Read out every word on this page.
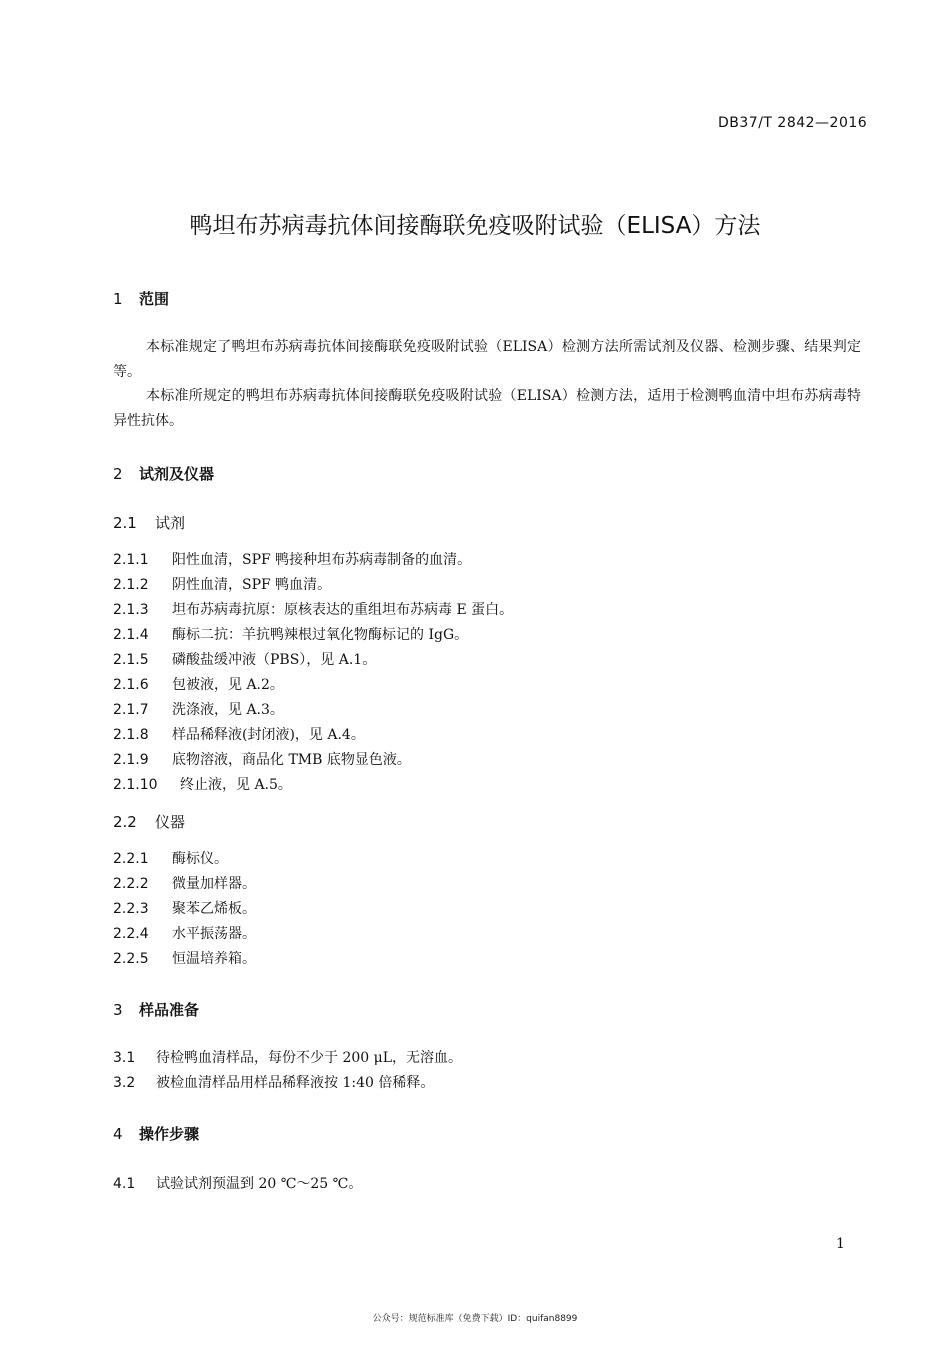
DB37/T 2842—2016
鸭坦布苏病毒抗体间接酶联免疫吸附试验（ELISA）方法
1 范围
本标准规定了鸭坦布苏病毒抗体间接酶联免疫吸附试验（ELISA）检测方法所需试剂及仪器、检测步骤、结果判定等。
本标准所规定的鸭坦布苏病毒抗体间接酶联免疫吸附试验（ELISA）检测方法，适用于检测鸭血清中坦布苏病毒特异性抗体。
2 试剂及仪器
2.1 试剂
2.1.1 阳性血清，SPF 鸭接种坦布苏病毒制备的血清。
2.1.2 阴性血清，SPF 鸭血清。
2.1.3 坦布苏病毒抗原：原核表达的重组坦布苏病毒 E 蛋白。
2.1.4 酶标二抗：羊抗鸭辣根过氧化物酶标记的 IgG。
2.1.5 磷酸盐缓冲液（PBS），见 A.1。
2.1.6 包被液，见 A.2。
2.1.7 洗涤液，见 A.3。
2.1.8 样品稀释液(封闭液)，见 A.4。
2.1.9 底物溶液，商品化 TMB 底物显色液。
2.1.10 终止液，见 A.5。
2.2 仪器
2.2.1 酶标仪。
2.2.2 微量加样器。
2.2.3 聚苯乙烯板。
2.2.4 水平振荡器。
2.2.5 恒温培养箱。
3 样品准备
3.1 待检鸭血清样品，每份不少于 200 μL，无溶血。
3.2 被检血清样品用样品稀释液按 1:40 倍稀释。
4 操作步骤
4.1 试验试剂预温到 20 ℃～25 ℃。
1
公众号：规范标准库（免费下载）ID：quifan8899
